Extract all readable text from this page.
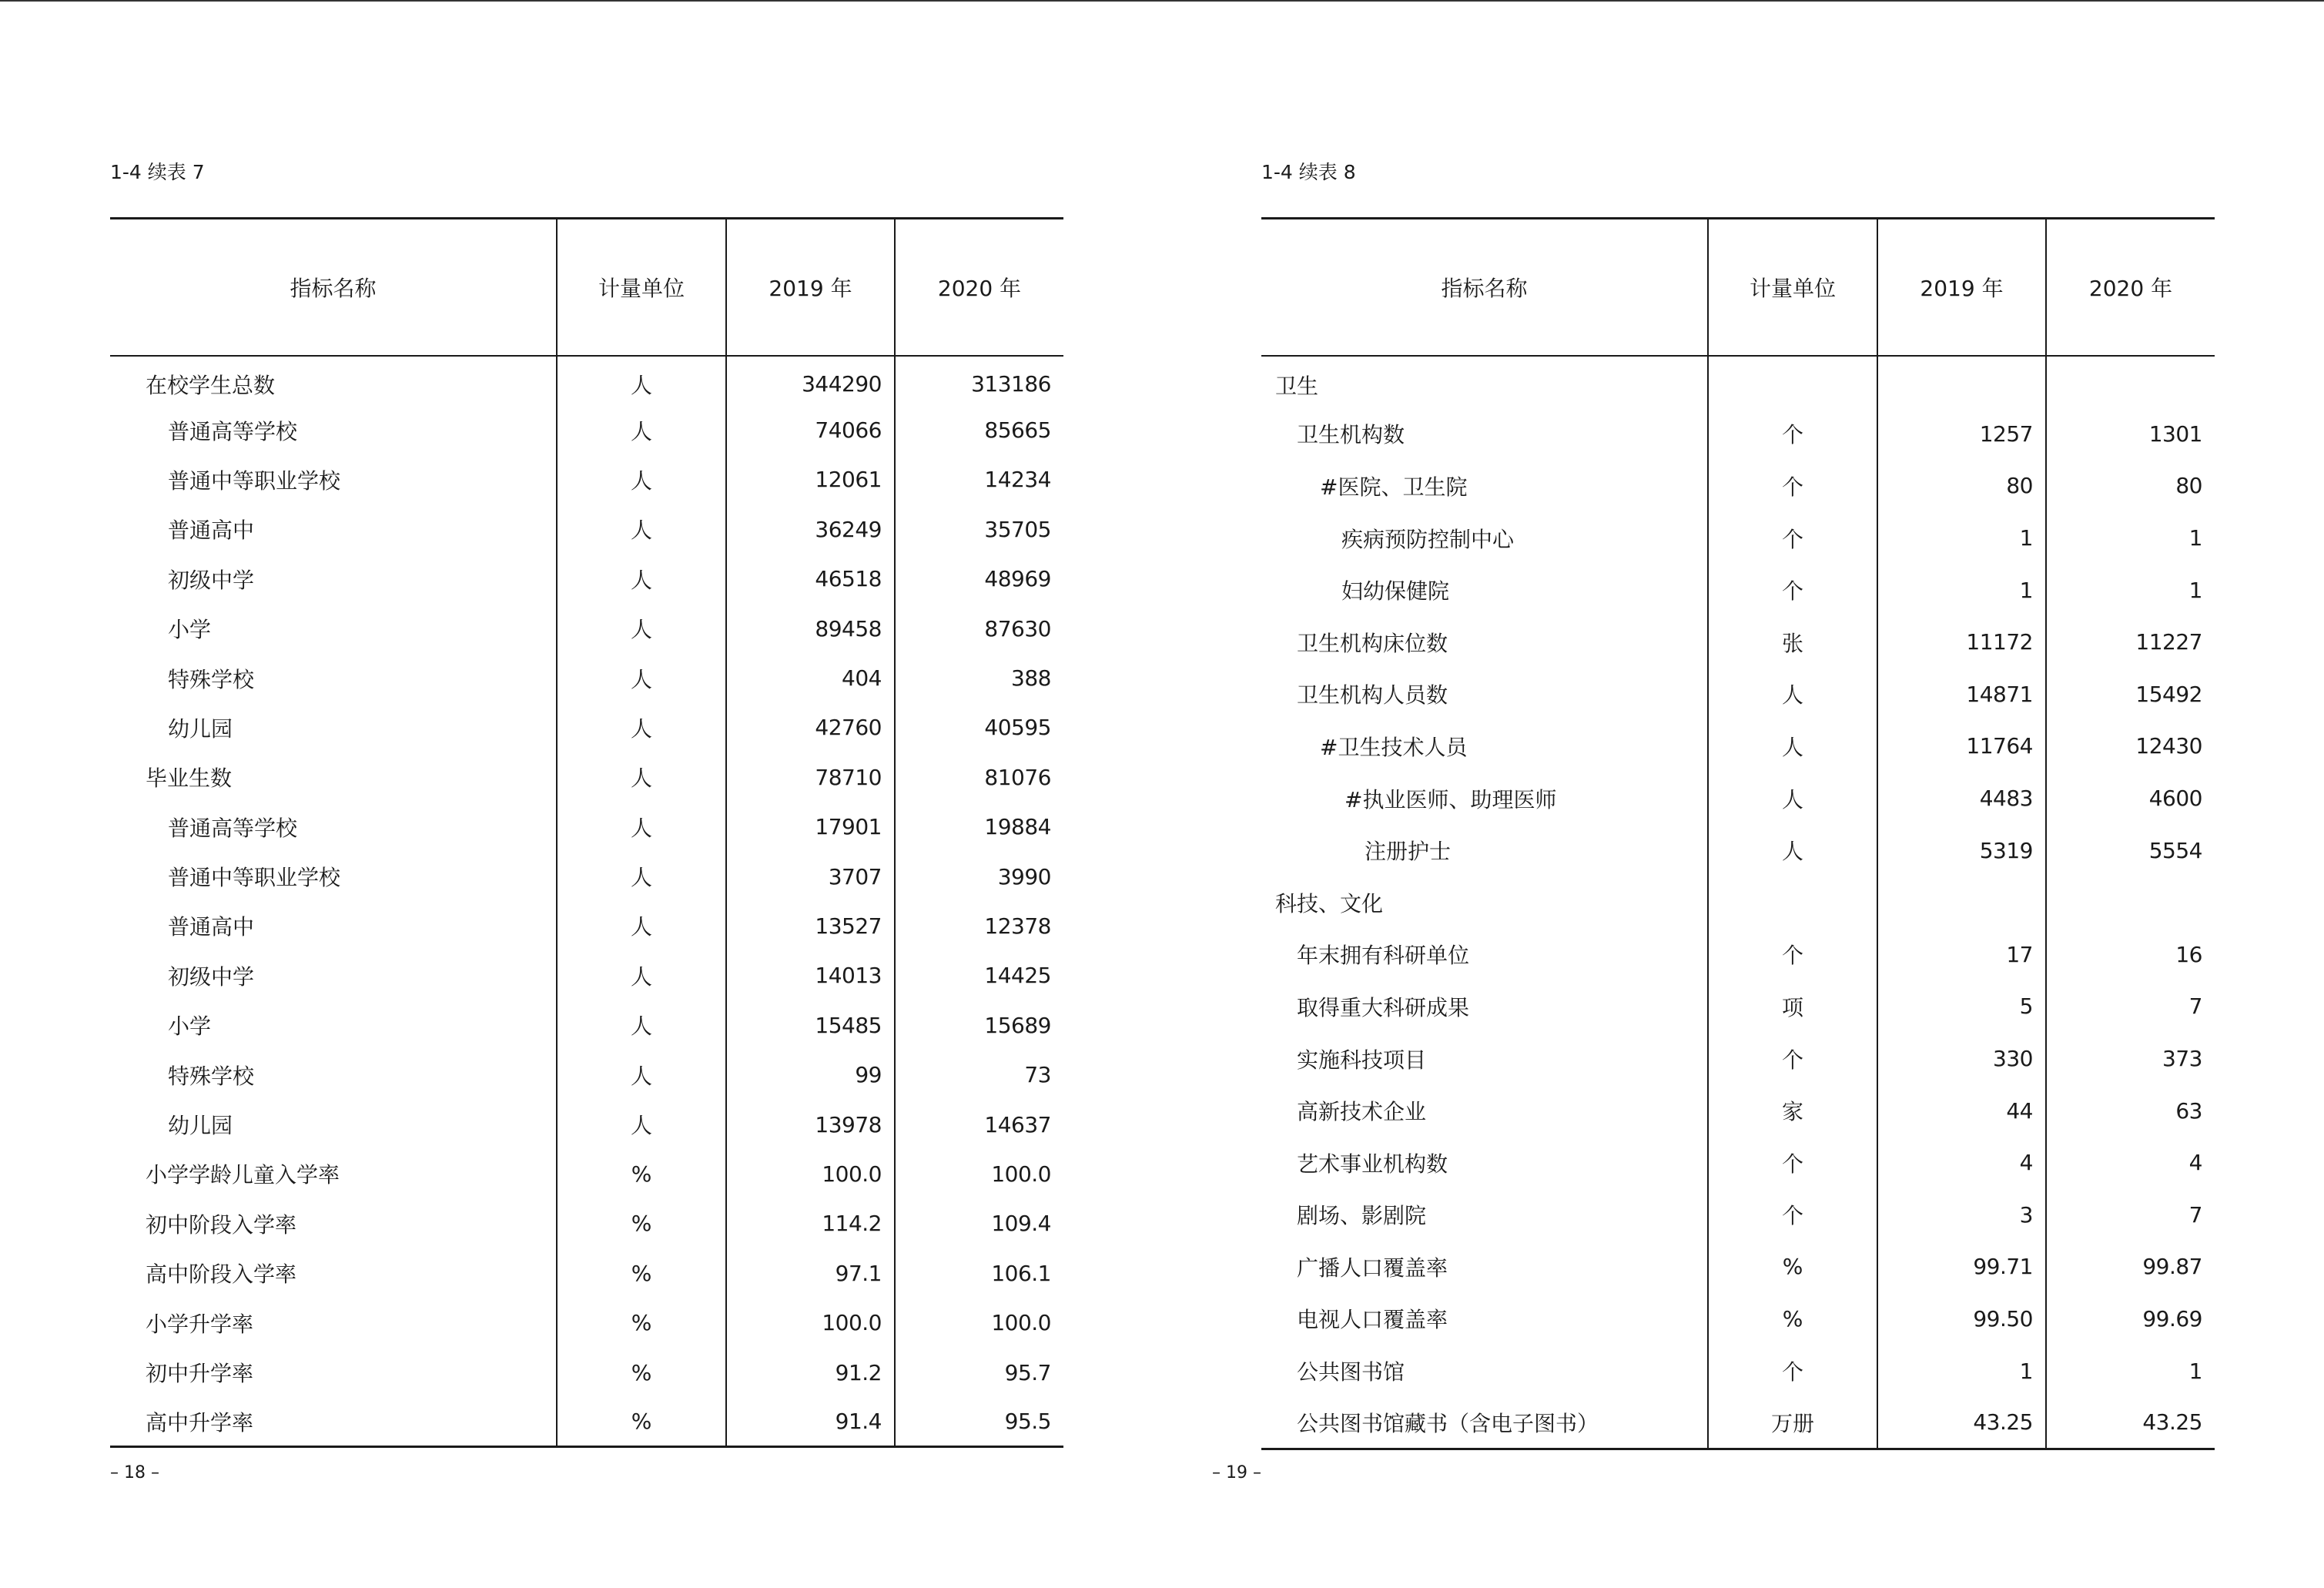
1-4 续表 7
指标名称	计量单位	2019 年	2020 年
在校学生总数	人	344290	313186
普通高等学校	人	74066	85665
普通中等职业学校	人	12061	14234
普通高中	人	36249	35705
初级中学	人	46518	48969
小学	人	89458	87630
特殊学校	人	404	388
幼儿园	人	42760	40595
毕业生数	人	78710	81076
普通高等学校	人	17901	19884
普通中等职业学校	人	3707	3990
普通高中	人	13527	12378
初级中学	人	14013	14425
小学	人	15485	15689
特殊学校	人	99	73
幼儿园	人	13978	14637
小学学龄儿童入学率	%	100.0	100.0
初中阶段入学率	%	114.2	109.4
高中阶段入学率	%	97.1	106.1
小学升学率	%	100.0	100.0
初中升学率	%	91.2	95.7
高中升学率	%	91.4	95.5
– 18 –
1-4 续表 8
指标名称	计量单位	2019 年	2020 年
卫生			
卫生机构数	个	1257	1301
#医院、卫生院	个	80	80
疾病预防控制中心	个	1	1
妇幼保健院	个	1	1
卫生机构床位数	张	11172	11227
卫生机构人员数	人	14871	15492
#卫生技术人员	人	11764	12430
#执业医师、助理医师	人	4483	4600
注册护士	人	5319	5554
科技、文化			
年末拥有科研单位	个	17	16
取得重大科研成果	项	5	7
实施科技项目	个	330	373
高新技术企业	家	44	63
艺术事业机构数	个	4	4
剧场、影剧院	个	3	7
广播人口覆盖率	%	99.71	99.87
电视人口覆盖率	%	99.50	99.69
公共图书馆	个	1	1
公共图书馆藏书（含电子图书）	万册	43.25	43.25
– 19 –
